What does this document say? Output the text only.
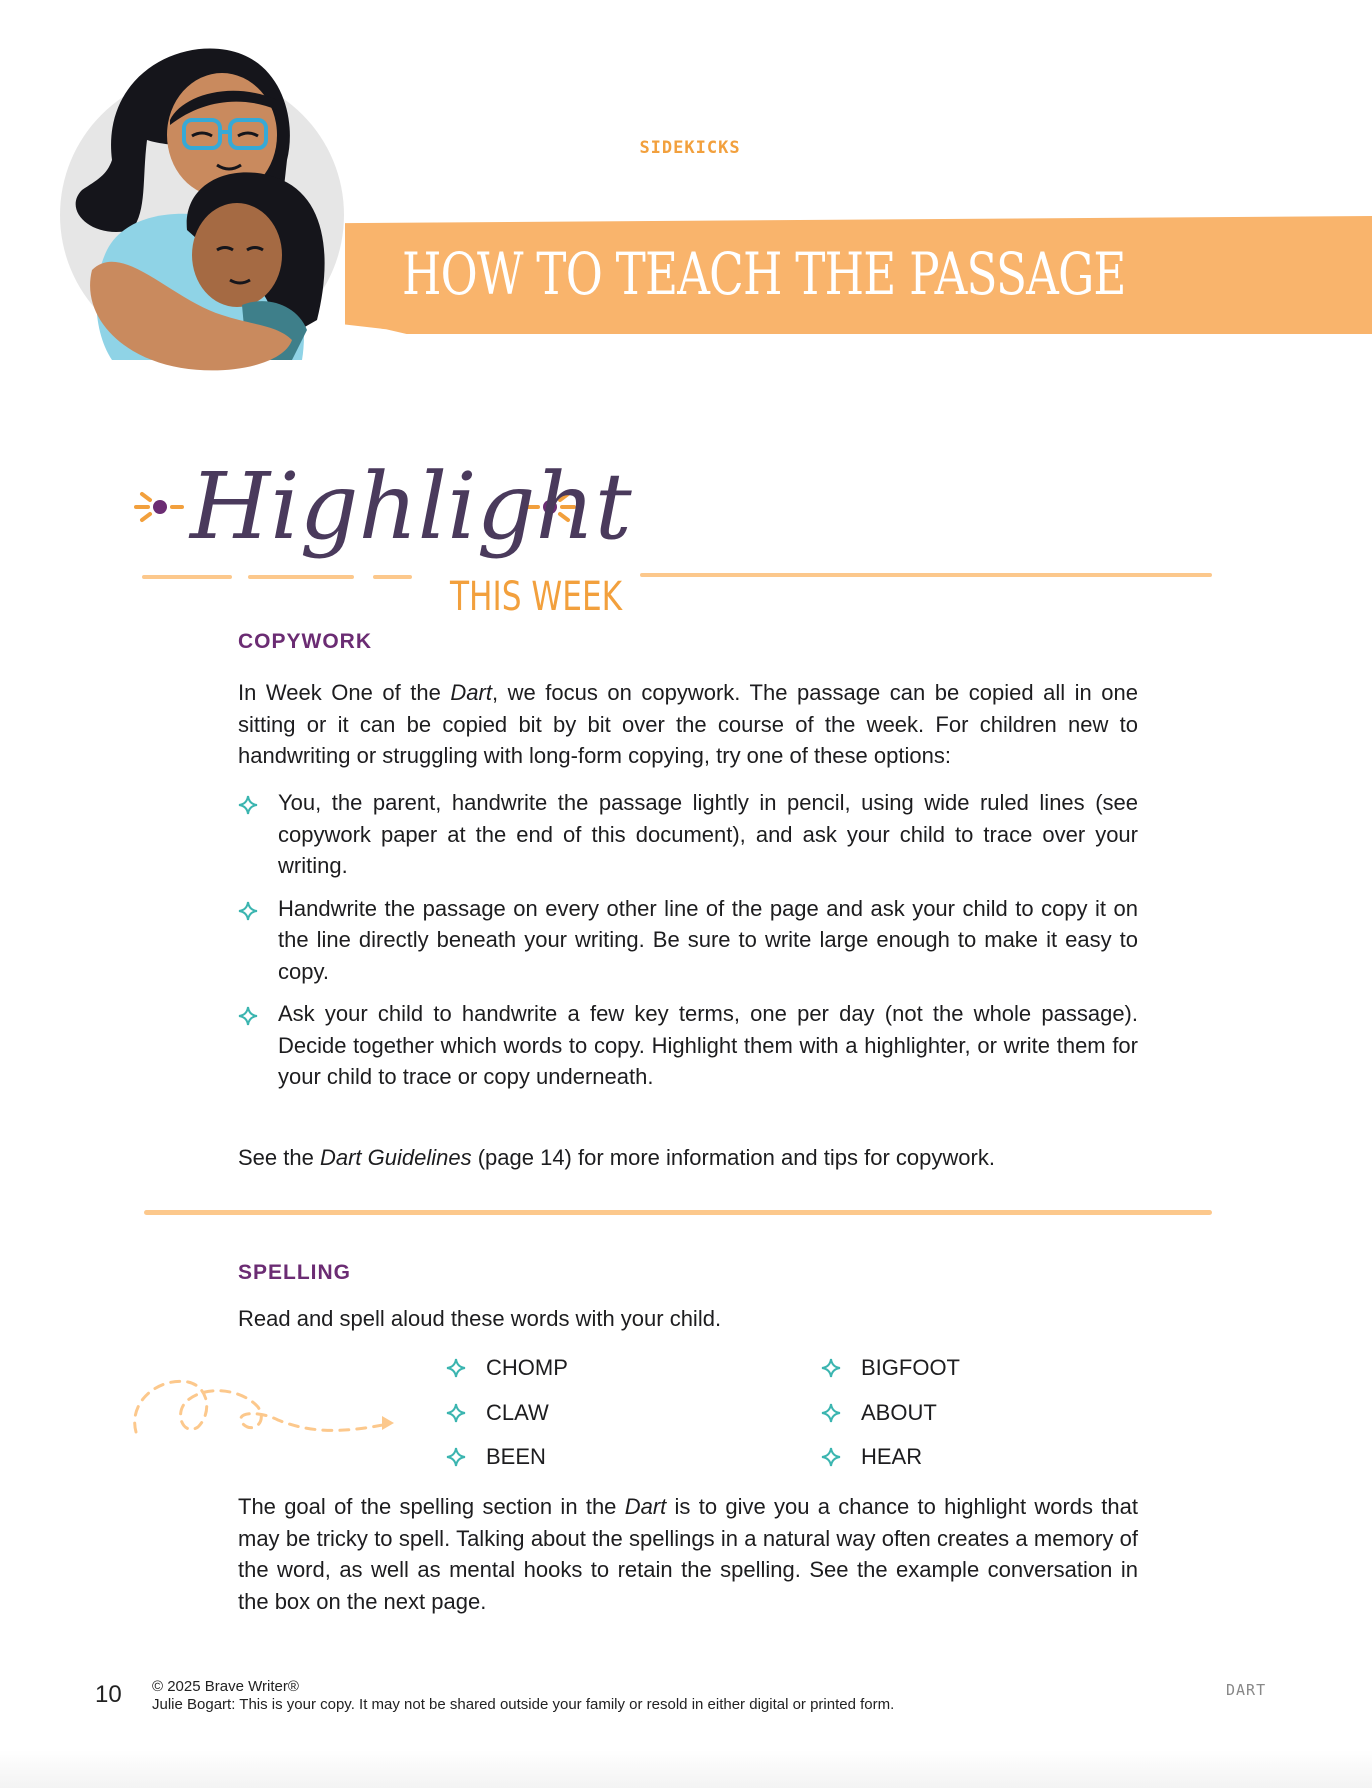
SIDEKICKS
HOW TO TEACH THE PASSAGE
Highlight
THIS WEEK
COPYWORK

In Week One of the Dart, we focus on copywork. The passage can be copied all in one sitting or it can be copied bit by bit over the course of the week. For children new to handwriting or struggling with long-form copying, try one of these options:

You, the parent, handwrite the passage lightly in pencil, using wide ruled lines (see copywork paper at the end of this document), and ask your child to trace over your writing.
Handwrite the passage on every other line of the page and ask your child to copy it on the line directly beneath your writing. Be sure to write large enough to make it easy to copy.
Ask your child to handwrite a few key terms, one per day (not the whole passage). Decide together which words to copy. Highlight them with a highlighter, or write them for your child to trace or copy underneath.

See the Dart Guidelines (page 14) for more information and tips for copywork.

SPELLING

Read and spell aloud these words with your child.

CHOMP
CLAW
BEEN
BIGFOOT
ABOUT
HEAR

The goal of the spelling section in the Dart is to give you a chance to highlight words that may be tricky to spell. Talking about the spellings in a natural way often creates a memory of the word, as well as mental hooks to retain the spelling. See the example conversation in the box on the next page.

10 © 2025 Brave Writer®
Julie Bogart: This is your copy. It may not be shared outside your family or resold in either digital or printed form.
DART
